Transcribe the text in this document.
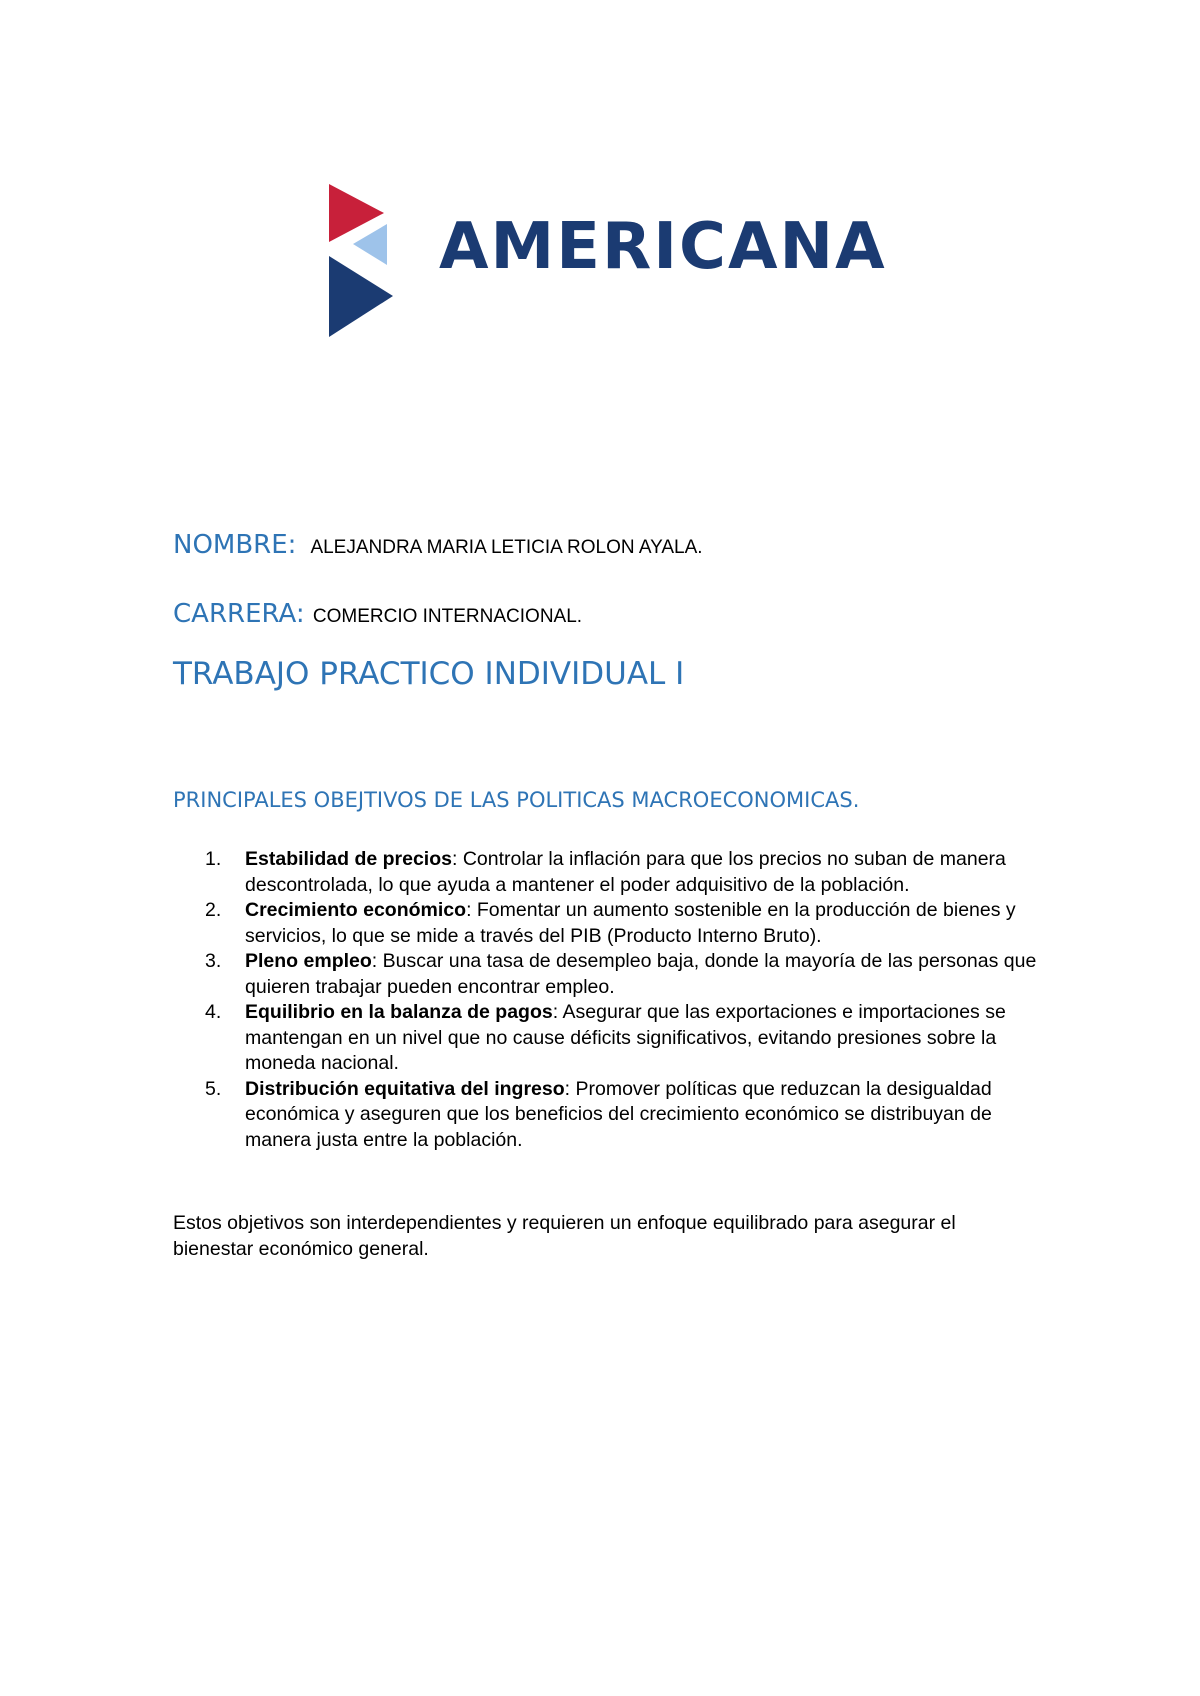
AMERICANA
NOMBRE: ALEJANDRA MARIA LETICIA ROLON AYALA.
CARRERA: COMERCIO INTERNACIONAL.
TRABAJO PRACTICO INDIVIDUAL I
PRINCIPALES OBEJTIVOS DE LAS POLITICAS MACROECONOMICAS.
1. Estabilidad de precios: Controlar la inflación para que los precios no suban de manera descontrolada, lo que ayuda a mantener el poder adquisitivo de la población.
2. Crecimiento económico: Fomentar un aumento sostenible en la producción de bienes y servicios, lo que se mide a través del PIB (Producto Interno Bruto).
3. Pleno empleo: Buscar una tasa de desempleo baja, donde la mayoría de las personas que quieren trabajar pueden encontrar empleo.
4. Equilibrio en la balanza de pagos: Asegurar que las exportaciones e importaciones se mantengan en un nivel que no cause déficits significativos, evitando presiones sobre la moneda nacional.
5. Distribución equitativa del ingreso: Promover políticas que reduzcan la desigualdad económica y aseguren que los beneficios del crecimiento económico se distribuyan de manera justa entre la población.

Estos objetivos son interdependientes y requieren un enfoque equilibrado para asegurar el bienestar económico general.
